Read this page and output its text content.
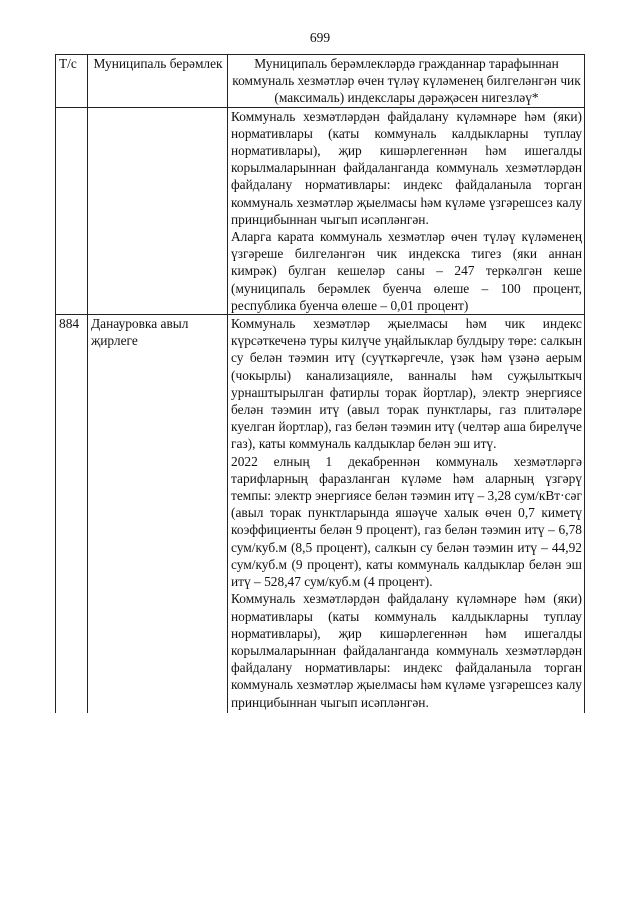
699
Т/с	Муниципаль берәмлек	Муниципаль берәмлекләрдә гражданнар тарафыннан коммуналь хезмәтләр өчен түләү күләменең билгеләнгән чик (максималь) индекслары дәрәҗәсен нигезләү*

		Коммуналь хезмәтләрдән файдалану күләмнәре һәм (яки) нормативлары (каты коммуналь калдыкларны туплау нормативлары), җир кишәрлегеннән һәм ишегалды корылмаларыннан файдаланганда коммуналь хезмәтләрдән файдалану нормативлары: индекс файдаланыла торган коммуналь хезмәтләр җыелмасы һәм күләме үзгәрешсез калу принцибыннан чыгып исәпләнгән.

Аларга карата коммуналь хезмәтләр өчен түләү күләменең үзгәреше билгеләнгән чик индекска тигез (яки аннан кимрәк) булган кешеләр саны – 247 теркәлгән кеше (муниципаль берәмлек буенча өлеше – 100 процент, республика буенча өлеше – 0,01 процент)

884	Данауровка авыл җирлеге	Коммуналь хезмәтләр җыелмасы һәм чик индекс күрсәткеченә туры килүче уңайлыклар булдыру төре: салкын су белән тәэмин итү (суүткәргечле, үзәк һәм үзәнә аерым (чокырлы) канализацияле, ванналы һәм суҗылыткыч урнаштырылган фатирлы торак йортлар), электр энергиясе белән тәэмин итү (авыл торак пунктлары, газ плитәләре куелган йортлар), газ белән тәэмин итү (челтәр аша бирелүче газ), каты коммуналь калдыклар белән эш итү.

2022 елның 1 декабреннән коммуналь хезмәтләргә тарифларның фаразланган күләме һәм аларның үзгәрү темпы: электр энергиясе белән тәэмин итү – 3,28 сум/кВт·сәг (авыл торак пунктларында яшәүче халык өчен 0,7 киметү коэффициенты белән 9 процент), газ белән тәэмин итү – 6,78 сум/куб.м (8,5 процент), салкын су белән тәэмин итү – 44,92 сум/куб.м (9 процент), каты коммуналь калдыклар белән эш итү – 528,47 сум/куб.м (4 процент).

Коммуналь хезмәтләрдән файдалану күләмнәре һәм (яки) нормативлары (каты коммуналь калдыкларны туплау нормативлары), җир кишәрлегеннән һәм ишегалды корылмаларыннан файдаланганда коммуналь хезмәтләрдән файдалану нормативлары: индекс файдаланыла торган коммуналь хезмәтләр җыелмасы һәм күләме үзгәрешсез калу принцибыннан чыгып исәпләнгән.
